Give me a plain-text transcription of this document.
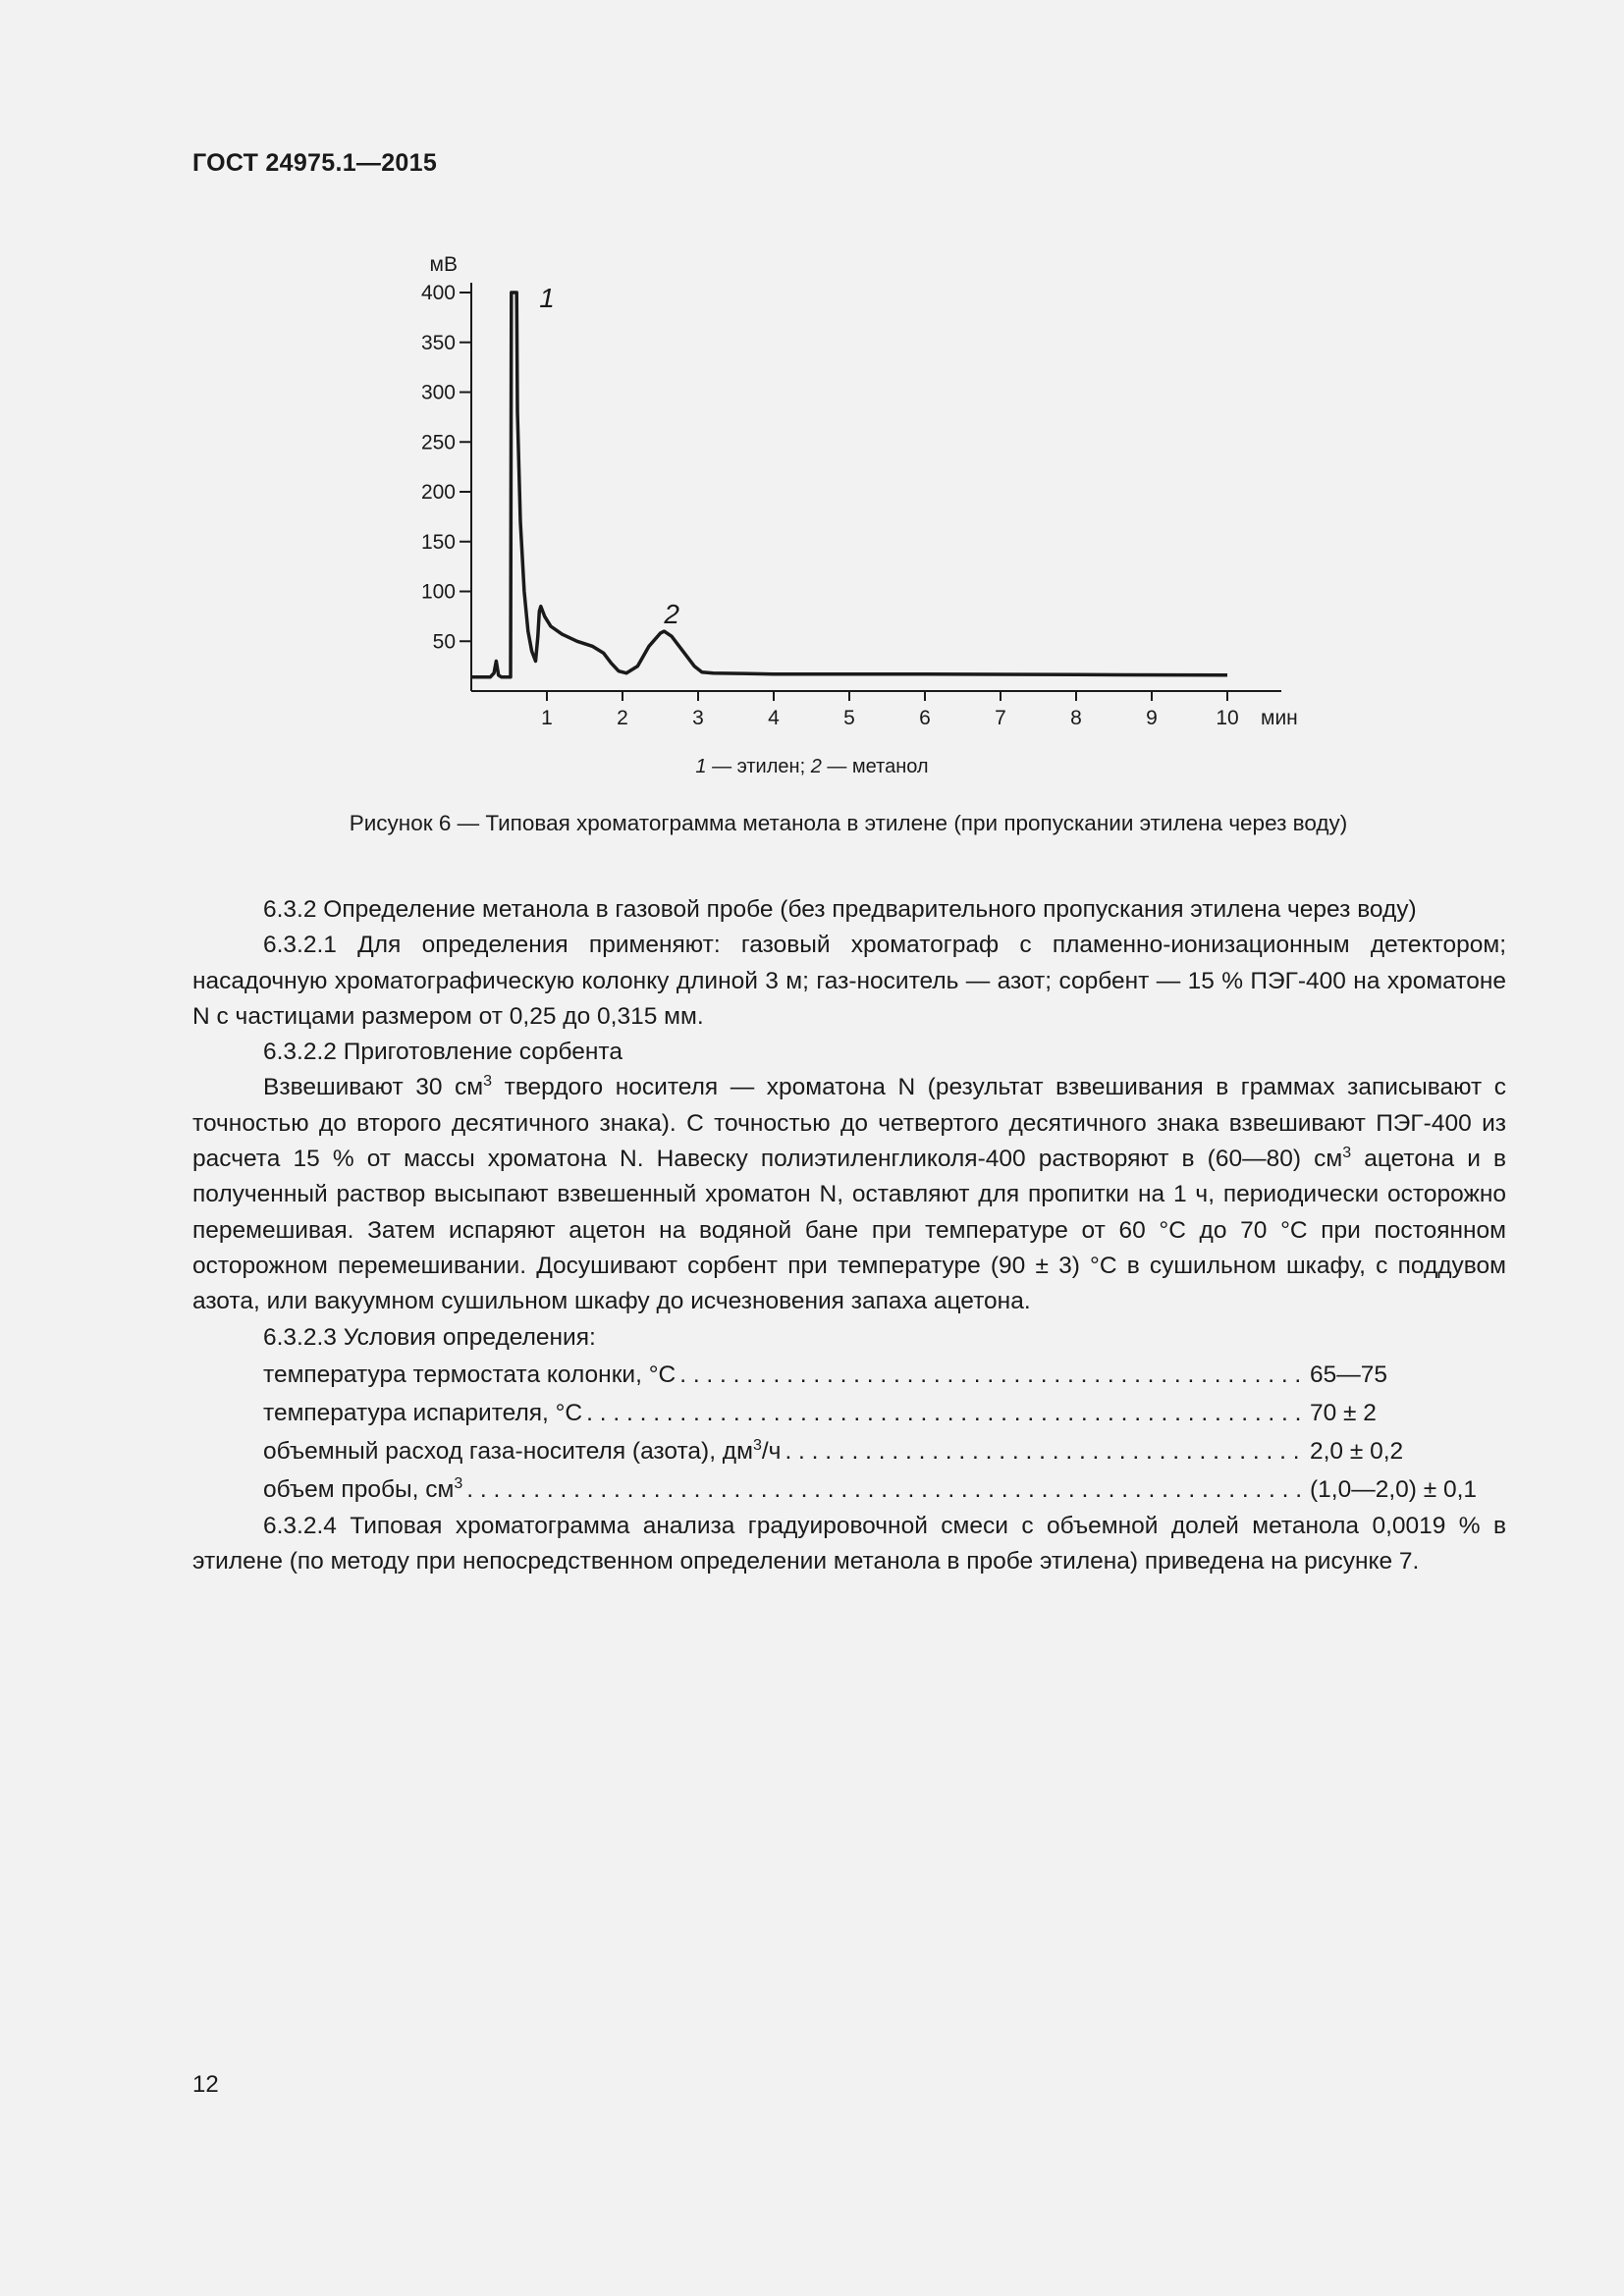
ГОСТ 24975.1—2015
50
100
150
200
250
300
350
400
1	2	3	4	5	6	7	8	9	10
мВ
мин
1
2
1 — этилен; 2 — метанол
Рисунок 6 — Типовая хроматограмма метанола в этилене (при пропускании этилена через воду)

6.3.2 Определение метанола в газовой пробе (без предварительного пропускания этилена через воду)

6.3.2.1 Для определения применяют: газовый хроматограф с пламенно-ионизационным детектором; насадочную хроматографическую колонку длиной 3 м; газ-носитель — азот; сорбент — 15 % ПЭГ-400 на хроматоне N с частицами размером от 0,25 до 0,315 мм.

6.3.2.2 Приготовление сорбента

Взвешивают 30 $см^3$ твердого носителя — хроматона N (результат взвешивания в граммах записывают с точностью до второго десятичного знака). С точностью до четвертого десятичного знака взвешивают ПЭГ-400 из расчета 15 % от массы хроматона N. Навеску полиэтиленгликоля-400 растворяют в (60—80) $см^3$ ацетона и в полученный раствор высыпают взвешенный хроматон N, оставляют для пропитки на 1 ч, периодически осторожно перемешивая. Затем испаряют ацетон на водяной бане при температуре от 60 °С до 70 °С при постоянном осторожном перемешивании. Досушивают сорбент при температуре (90 ± 3) °С в сушильном шкафу, с поддувом азота, или вакуумном сушильном шкафу до исчезновения запаха ацетона.

6.3.2.3 Условия определения:

температура термостата колонки, °С . . .	65—75
температура испарителя, °С . . .	70 ± 2
объемный расход газа-носителя (азота), $дм^3/ч$ . . .	2,0 ± 0,2
объем пробы, $см^3$ . . .	(1,0—2,0) ± 0,1

6.3.2.4 Типовая хроматограмма анализа градуировочной смеси с объемной долей метанола 0,0019 % в этилене (по методу при непосредственном определении метанола в пробе этилена) приведена на рисунке 7.

12
